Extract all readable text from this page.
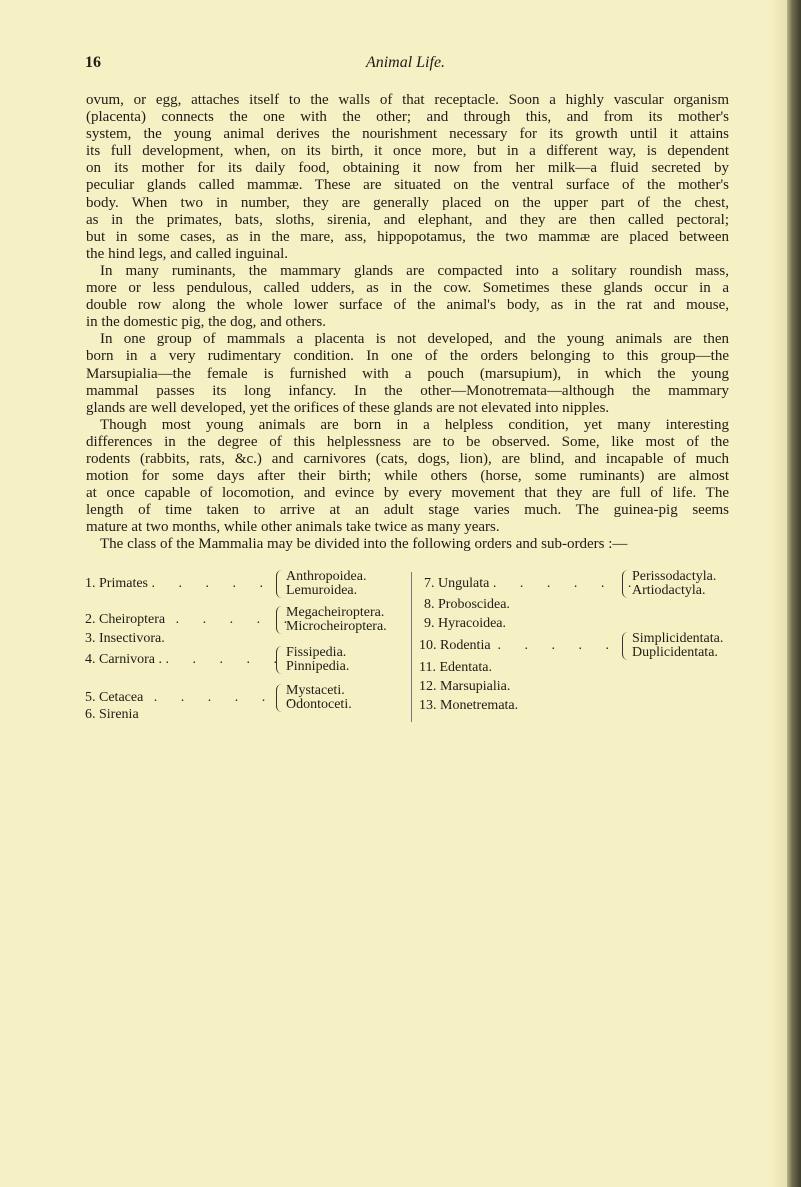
16	Animal Life.
ovum, or egg, attaches itself to the walls of that receptacle. Soon a highly vascular organism
(placenta) connects the one with the other; and through this, and from its mother's
system, the young animal derives the nourishment necessary for its growth until it attains
its full development, when, on its birth, it once more, but in a different way, is dependent
on its mother for its daily food, obtaining it now from her milk—a fluid secreted by
peculiar glands called mammæ. These are situated on the ventral surface of the mother's
body. When two in number, they are generally placed on the upper part of the chest,
as in the primates, bats, sloths, sirenia, and elephant, and they are then called pectoral;
but in some cases, as in the mare, ass, hippopotamus, the two mammæ are placed between
the hind legs, and called inguinal.
In many ruminants, the mammary glands are compacted into a solitary roundish mass,
more or less pendulous, called udders, as in the cow. Sometimes these glands occur in a
double row along the whole lower surface of the animal's body, as in the rat and mouse,
in the domestic pig, the dog, and others.
In one group of mammals a placenta is not developed, and the young animals are then
born in a very rudimentary condition. In one of the orders belonging to this group—the
Marsupialia—the female is furnished with a pouch (marsupium), in which the young
mammal passes its long infancy. In the other—Monotremata—although the mammary
glands are well developed, yet the orifices of these glands are not elevated into nipples.
Though most young animals are born in a helpless condition, yet many interesting
differences in the degree of this helplessness are to be observed. Some, like most of the
rodents (rabbits, rats, &c.) and carnivores (cats, dogs, lion), are blind, and incapable of much
motion for some days after their birth; while others (horse, some ruminants) are almost
at once capable of locomotion, and evince by every movement that they are full of life. The
length of time taken to arrive at an adult stage varies much. The guinea-pig seems
mature at two months, while other animals take twice as many years.
The class of the Mammalia may be divided into the following orders and sub-orders :—
1. Primates . . . . . .
Anthropoidea.
Lemuroidea.
2. Cheiroptera . . . . .
Megacheiroptera.
Microcheiroptera.
3. Insectivora.
4. Carnivora . . . . . . Fissipedia.
Pinnipedia.
5. Cetacea . . . . . .
Mystaceti.
Odontoceti.
6. Sirenia
7. Ungulata . . . . . .
Perissodactyla.
Artiodactyla.
8. Proboscidea.
9. Hyracoidea.
10. Rodentia . . . . . Simplicidentata.
Duplicidentata.
11. Edentata.
12. Marsupialia.
13. Monetremata.
